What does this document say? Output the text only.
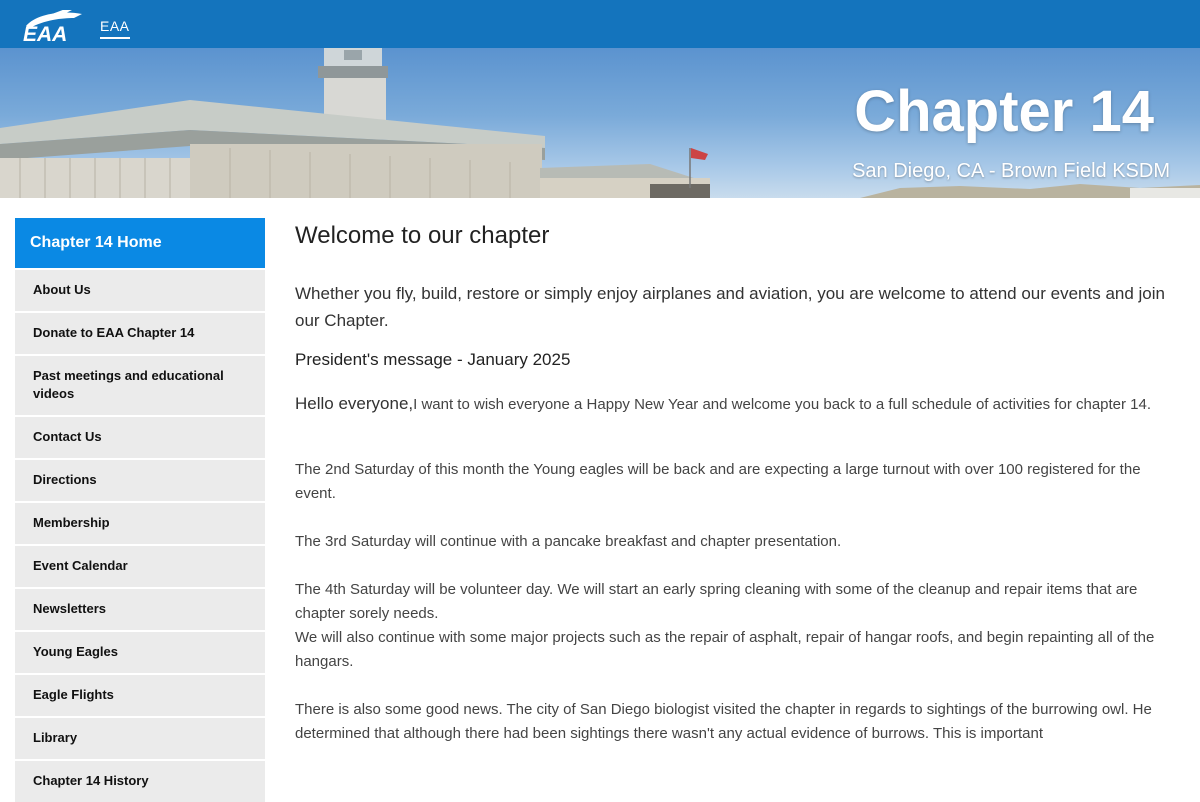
EAA EAA
Chapter 14
San Diego, CA - Brown Field KSDM
Chapter 14 Home
About Us
Donate to EAA Chapter 14
Past meetings and educational videos
Contact Us
Directions
Membership
Event Calendar
Newsletters
Young Eagles
Eagle Flights
Library
Chapter 14 History
Welcome to our chapter

Whether you fly, build, restore or simply enjoy airplanes and aviation, you are welcome to attend our events and join our Chapter.

President's message - January 2025

Hello everyone,I want to wish everyone a Happy New Year and welcome you back to a full schedule of activities for chapter 14.

The 2nd Saturday of this month the Young eagles will be back and are expecting a large turnout with over 100 registered for the event.

The 3rd Saturday will continue with a pancake breakfast and chapter presentation.

The 4th Saturday will be volunteer day. We will start an early spring cleaning with some of the cleanup and repair items that are chapter sorely needs.

We will also continue with some major projects such as the repair of asphalt, repair of hangar roofs, and begin repainting all of the hangars.

There is also some good news. The city of San Diego biologist visited the chapter in regards to sightings of the burrowing owl. He determined that although there had been sightings there wasn't any actual evidence of burrows. This is important
